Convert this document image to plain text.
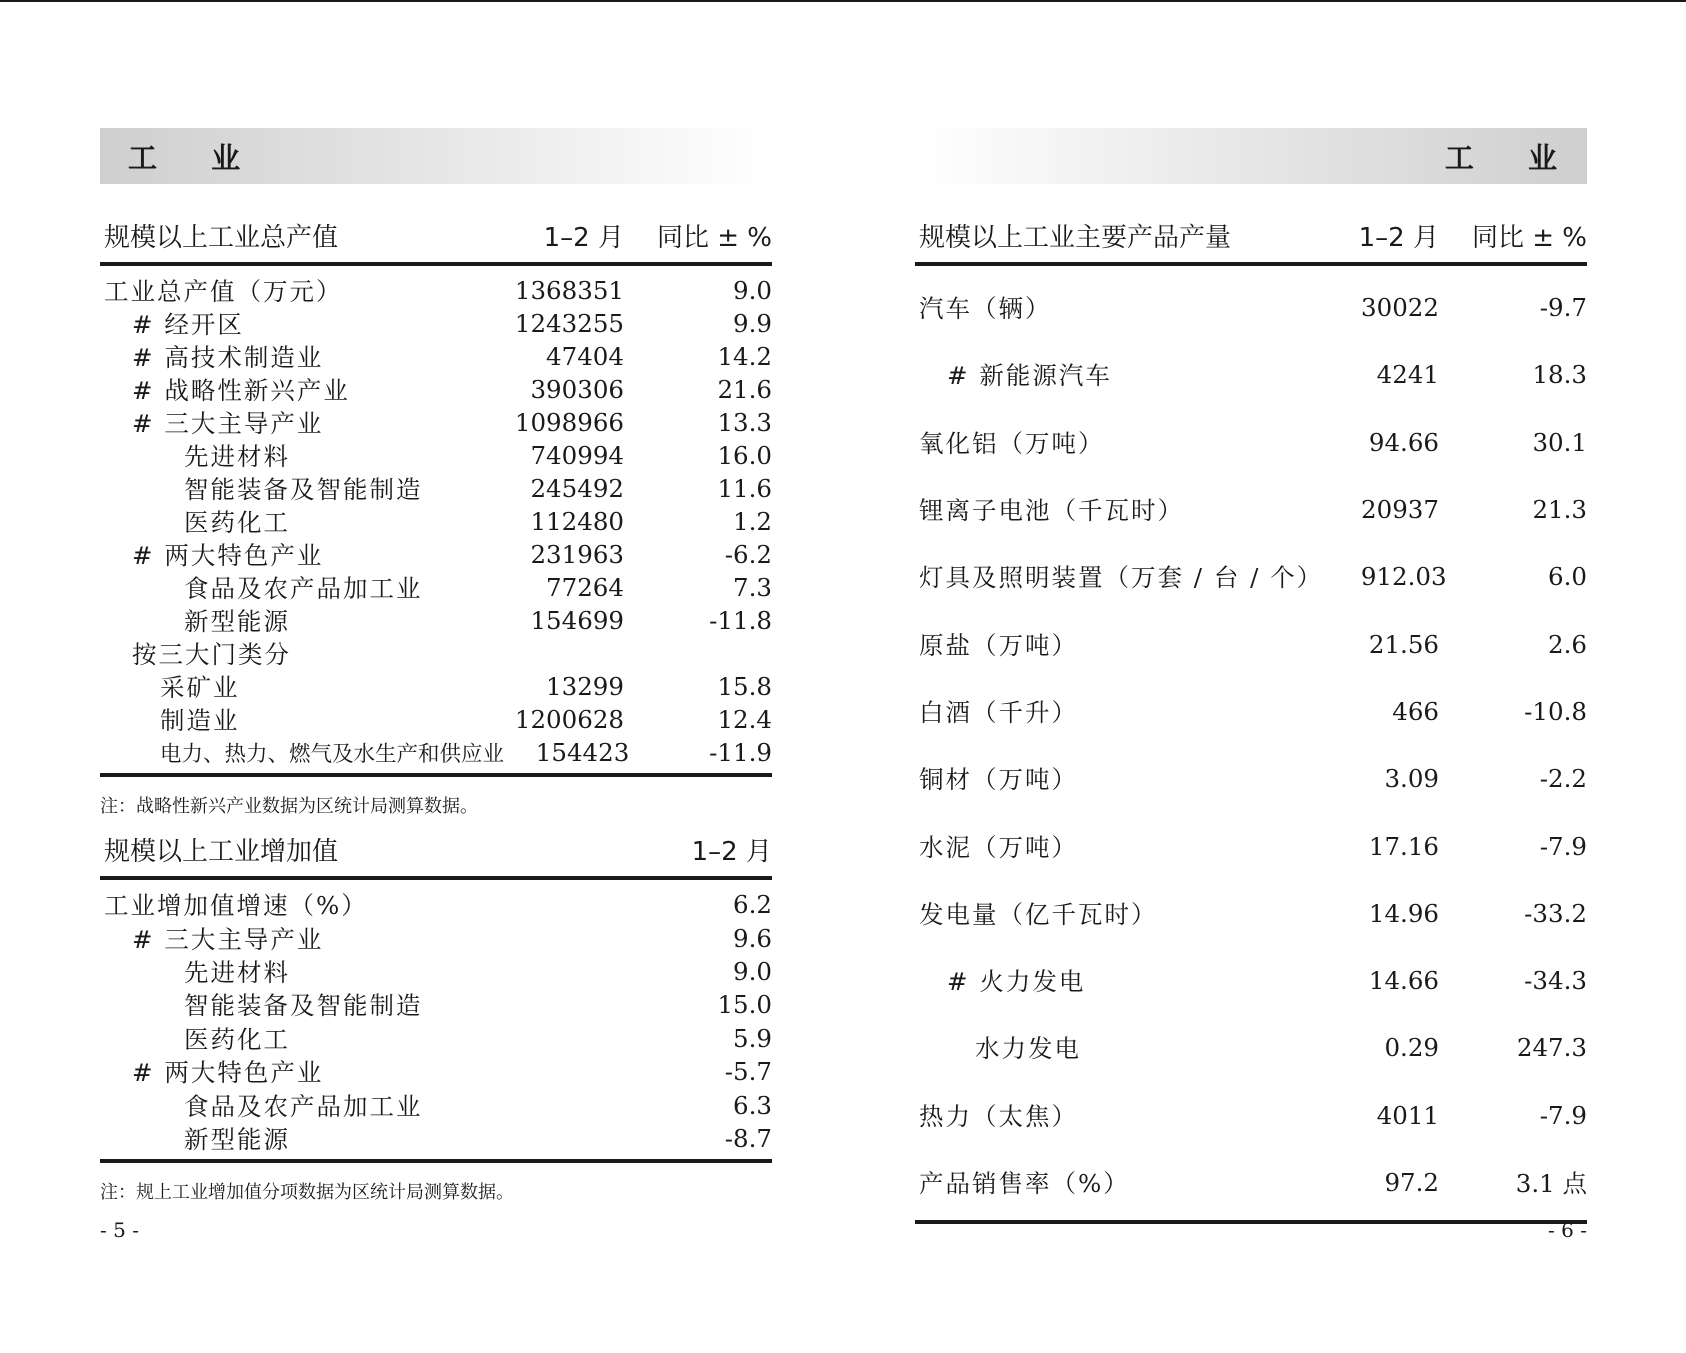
工 业
规模以上工业总产值	1–2 月	同比 ± %
工业总产值（万元）	1368351	9.0
# 经开区	1243255	9.9
# 高技术制造业	47404	14.2
# 战略性新兴产业	390306	21.6
# 三大主导产业	1098966	13.3
先进材料	740994	16.0
智能装备及智能制造	245492	11.6
医药化工	112480	1.2
# 两大特色产业	231963	-6.2
食品及农产品加工业	77264	7.3
新型能源	154699	-11.8
按三大门类分
采矿业	13299	15.8
制造业	1200628	12.4
电力、热力、燃气及水生产和供应业	154423	-11.9
注：战略性新兴产业数据为区统计局测算数据。
规模以上工业增加值	1–2 月
工业增加值增速（%）	6.2
# 三大主导产业	9.6
先进材料	9.0
智能装备及智能制造	15.0
医药化工	5.9
# 两大特色产业	-5.7
食品及农产品加工业	6.3
新型能源	-8.7
注：规上工业增加值分项数据为区统计局测算数据。
- 5 -
工 业
规模以上工业主要产品产量	1–2 月	同比 ± %
汽车（辆）	30022	-9.7
# 新能源汽车	4241	18.3
氧化铝（万吨）	94.66	30.1
锂离子电池（千瓦时）	20937	21.3
灯具及照明装置（万套 / 台 / 个）	912.03	6.0
原盐（万吨）	21.56	2.6
白酒（千升）	466	-10.8
铜材（万吨）	3.09	-2.2
水泥（万吨）	17.16	-7.9
发电量（亿千瓦时）	14.96	-33.2
# 火力发电	14.66	-34.3
水力发电	0.29	247.3
热力（太焦）	4011	-7.9
产品销售率（%）	97.2	3.1 点
- 6 -
